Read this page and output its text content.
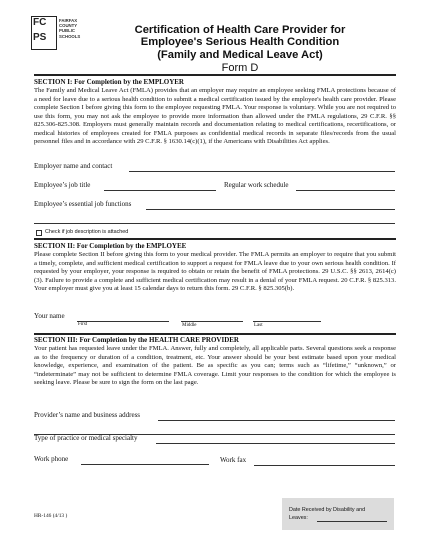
FC
PS
FAIRFAX
COUNTY
PUBLIC
SCHOOLS
Certification of Health Care Provider for
Employee's Serious Health Condition
(Family and Medical Leave Act)
Form D
SECTION I: For Completion by the EMPLOYER
The Family and Medical Leave Act (FMLA) provides that an employer may require an employee seeking FMLA protections because of a need for leave due to a serious health condition to submit a medical certification issued by the employee's health care provider. Please complete Section I before giving this form to the employee requesting FMLA. Your response is voluntary. While you are not required to use this form, you may not ask the employee to provide more information than allowed under the FMLA regulations, 29 C.F.R. §§ 825.306-825.308. Employers must generally maintain records and documentation relating to medical certifications, recertifications, or medical histories of employees created for FMLA purposes as confidential medical records in separate files/records from the usual personnel files and in accordance with 29 C.F.R. § 1630.14(c)(1), if the Americans with Disabilities Act applies.
Employer name and contact
Employee’s job title	Regular work schedule
Employee’s essential job functions
Check if job description is attached
SECTION II: For Completion by the EMPLOYEE
Please complete Section II before giving this form to your medical provider. The FMLA permits an employer to require that you submit a timely, complete, and sufficient medical certification to support a request for FMLA leave due to your own serious health condition. If requested by your employer, your response is required to obtain or retain the benefit of FMLA protections. 29 U.S.C. §§ 2613, 2614(c)(3). Failure to provide a complete and sufficient medical certification may result in a denial of your FMLA request. 20 C.F.R. § 825.313. Your employer must give you at least 15 calendar days to return this form. 29 C.F.R. § 825.305(b).
Your name
First	Middle	Last
SECTION III: For Completion by the HEALTH CARE PROVIDER
Your patient has requested leave under the FMLA. Answer, fully and completely, all applicable parts. Several questions seek a response as to the frequency or duration of a condition, treatment, etc. Your answer should be your best estimate based upon your medical knowledge, experience, and examination of the patient. Be as specific as you can; terms such as “lifetime,” “unknown,” or “indeterminate” may not be sufficient to determine FMLA coverage. Limit your responses to the condition for which the employee is seeking leave. Please be sure to sign the form on the last page.
Provider’s name and business address
Type of practice or medical specialty
Work phone	Work fax
HR-146 (4/13 )
Date Received by Disability and
Leaves:
